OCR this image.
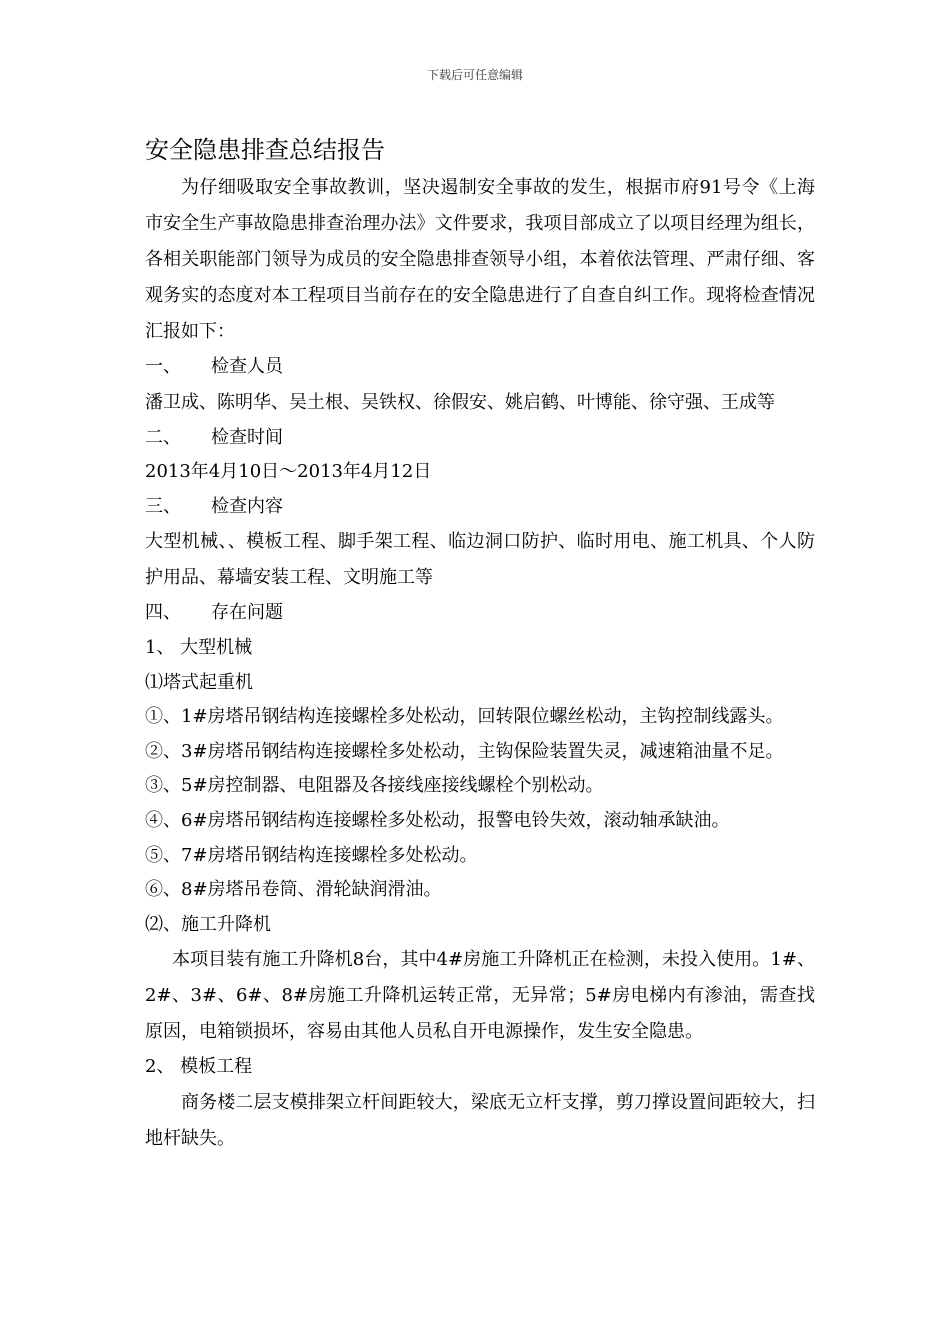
下载后可任意编辑
安全隐患排查总结报告

为仔细吸取安全事故教训，坚决遏制安全事故的发生，根据市府91号令《上海市安全生产事故隐患排查治理办法》文件要求，我项目部成立了以项目经理为组长，各相关职能部门领导为成员的安全隐患排查领导小组，本着依法管理、严肃仔细、客观务实的态度对本工程项目当前存在的安全隐患进行了自查自纠工作。现将检查情况汇报如下：

一、 检查人员

潘卫成、陈明华、吴土根、吴铁权、徐假安、姚启鹤、叶博能、徐守强、王成等

二、 检查时间

2013年4月10日～2013年4月12日

三、 检查内容

大型机械、、模板工程、脚手架工程、临边洞口防护、临时用电、施工机具、个人防护用品、幕墙安装工程、文明施工等

四、 存在问题

1、 大型机械

⑴塔式起重机

①、1#房塔吊钢结构连接螺栓多处松动，回转限位螺丝松动，主钩控制线露头。

②、3#房塔吊钢结构连接螺栓多处松动，主钩保险装置失灵，减速箱油量不足。

③、5#房控制器、电阻器及各接线座接线螺栓个别松动。

④、6#房塔吊钢结构连接螺栓多处松动，报警电铃失效，滚动轴承缺油。

⑤、7#房塔吊钢结构连接螺栓多处松动。

⑥、8#房塔吊卷筒、滑轮缺润滑油。

⑵、施工升降机

本项目装有施工升降机8台，其中4#房施工升降机正在检测，未投入使用。1#、2#、3#、6#、8#房施工升降机运转正常，无异常；5#房电梯内有渗油，需查找原因，电箱锁损坏，容易由其他人员私自开电源操作，发生安全隐患。

2、 模板工程

商务楼二层支模排架立杆间距较大，梁底无立杆支撑，剪刀撑设置间距较大，扫地杆缺失。
